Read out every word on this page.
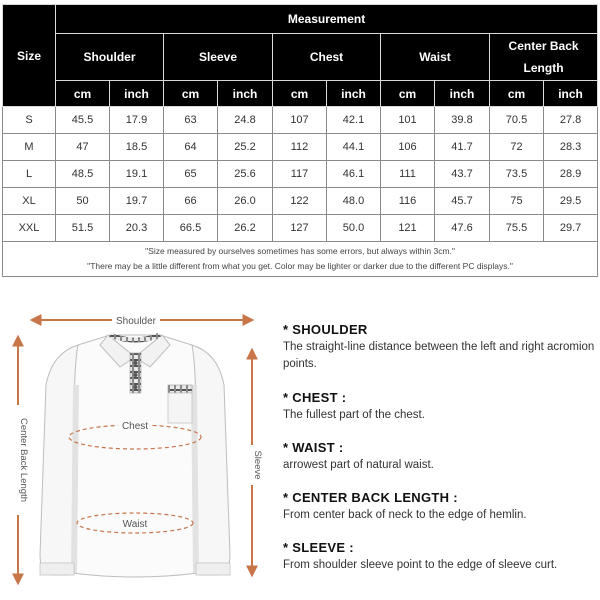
Size	Measurement									
	Shoulder		Sleeve		Chest		Waist		Center Back Length	
	cm	inch	cm	inch	cm	inch	cm	inch	cm	inch
S	45.5	17.9	63	24.8	107	42.1	101	39.8	70.5	27.8
M	47	18.5	64	25.2	112	44.1	106	41.7	72	28.3
L	48.5	19.1	65	25.6	117	46.1	111	43.7	73.5	28.9
XL	50	19.7	66	26.0	122	48.0	116	45.7	75	29.5
XXL	51.5	20.3	66.5	26.2	127	50.0	121	47.6	75.5	29.7

"Size measured by ourselves sometimes has some errors, but always within 3cm."
"There may be a little different from what you get. Color may be lighter or darker due to the different PC displays."										
Shoulder
Chest
Waist
Center Back Length	Sleeve
* SHOULDER
The straight-line distance between the left and right acromion points.
* CHEST :
The fullest part of the chest.
* WAIST :
arrowest part of natural waist.
* CENTER BACK LENGTH :
From center back of neck to the edge of hemlin.
* SLEEVE :
From shoulder sleeve point to the edge of sleeve curt.
